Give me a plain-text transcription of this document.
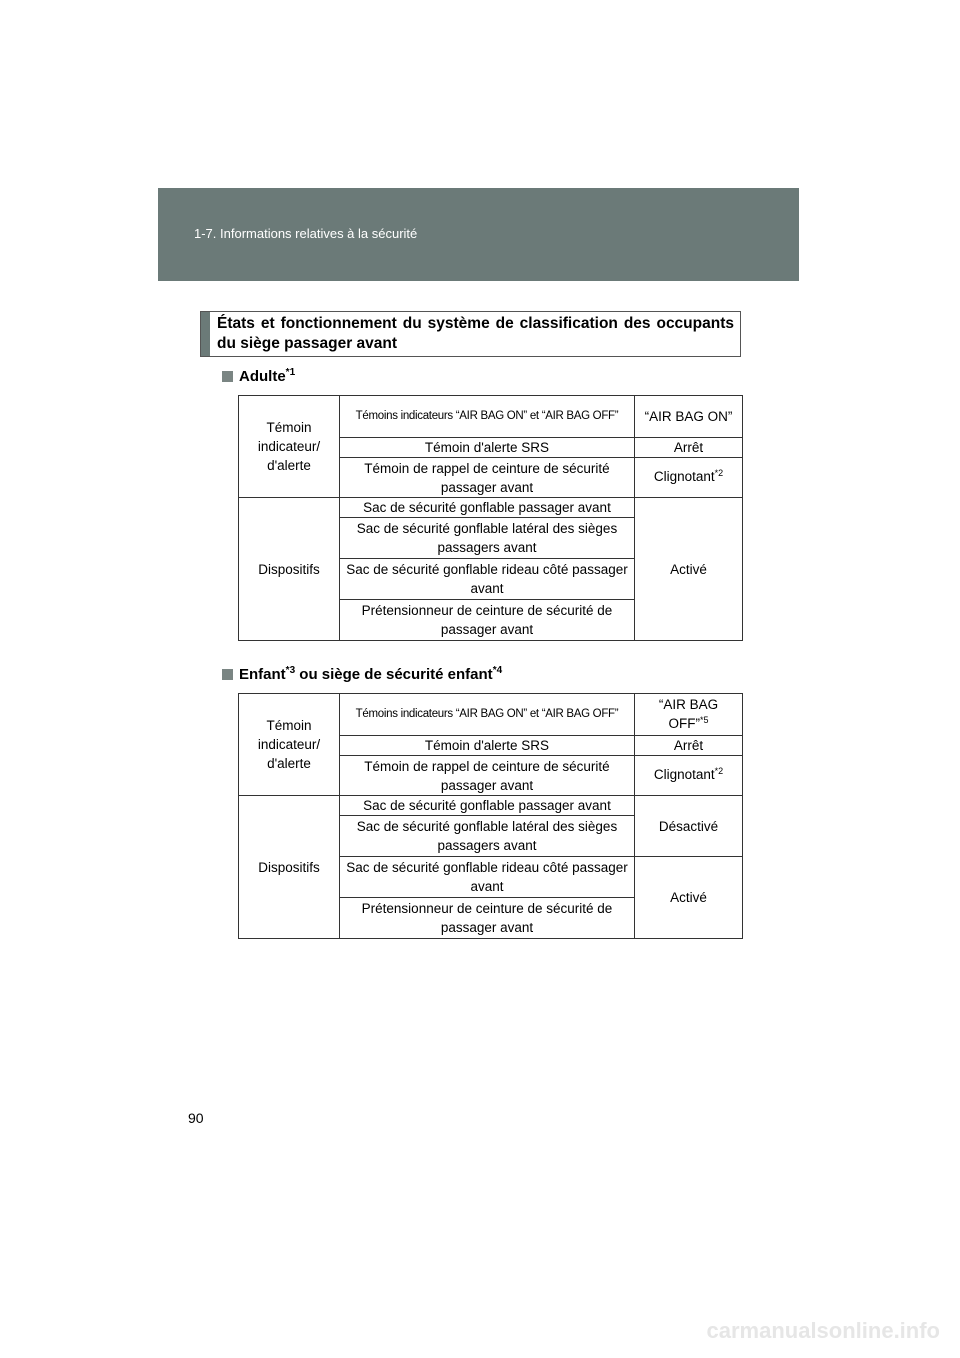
1-7. Informations relatives à la sécurité
États et fonctionnement du système de classification des occupants du siège passager avant
Adulte$^{*1}$
Témoin indicateur/ d'alerte	Témoins indicateurs “AIR BAG ON” et “AIR BAG OFF”	“AIR BAG ON”
	Témoin d'alerte SRS	Arrêt
	Témoin de rappel de ceinture de sécurité passager avant	Clignotant$^{*2}$
Dispositifs	Sac de sécurité gonflable passager avant	Activé
	Sac de sécurité gonflable latéral des sièges passagers avant	
	Sac de sécurité gonflable rideau côté passager avant	
	Prétensionneur de ceinture de sécurité de passager avant	
Enfant$^{*3}$ ou siège de sécurité enfant$^{*4}$
Témoin indicateur/ d'alerte	Témoins indicateurs “AIR BAG ON” et “AIR BAG OFF”	“AIR BAG OFF”$^{*5}$
	Témoin d'alerte SRS	Arrêt
	Témoin de rappel de ceinture de sécurité passager avant	Clignotant$^{*2}$
Dispositifs	Sac de sécurité gonflable passager avant	Désactivé
	Sac de sécurité gonflable latéral des sièges passagers avant	
	Sac de sécurité gonflable rideau côté passager avant	Activé
	Prétensionneur de ceinture de sécurité de passager avant	
90
carmanualsonline.info
